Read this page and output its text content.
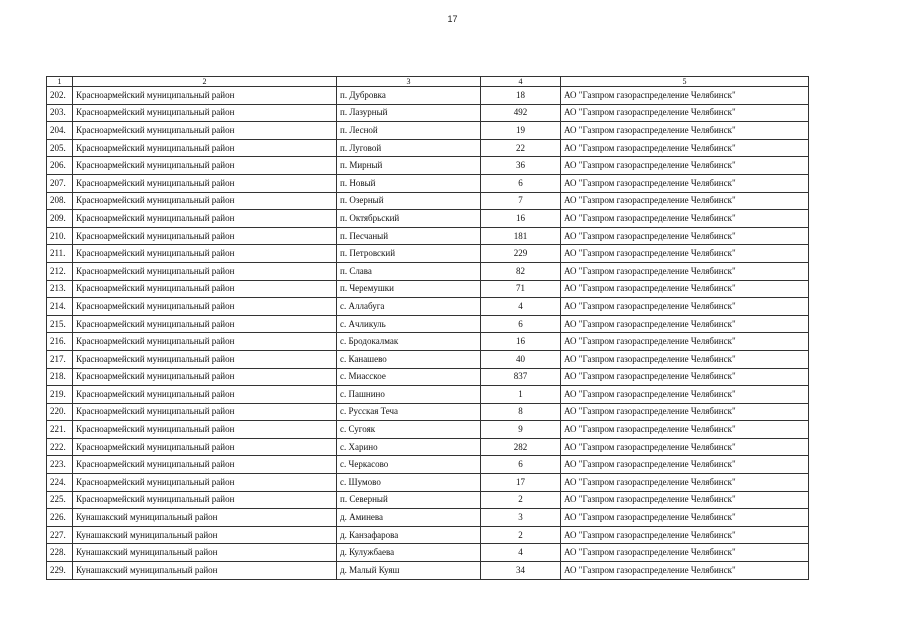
17
1	2	3	4	5
202.	Красноармейский муниципальный район	п. Дубровка	18	АО "Газпром газораспределение Челябинск"
203.	Красноармейский муниципальный район	п. Лазурный	492	АО "Газпром газораспределение Челябинск"
204.	Красноармейский муниципальный район	п. Лесной	19	АО "Газпром газораспределение Челябинск"
205.	Красноармейский муниципальный район	п. Луговой	22	АО "Газпром газораспределение Челябинск"
206.	Красноармейский муниципальный район	п. Мирный	36	АО "Газпром газораспределение Челябинск"
207.	Красноармейский муниципальный район	п. Новый	6	АО "Газпром газораспределение Челябинск"
208.	Красноармейский муниципальный район	п. Озерный	7	АО "Газпром газораспределение Челябинск"
209.	Красноармейский муниципальный район	п. Октябрьский	16	АО "Газпром газораспределение Челябинск"
210.	Красноармейский муниципальный район	п. Песчаный	181	АО "Газпром газораспределение Челябинск"
211.	Красноармейский муниципальный район	п. Петровский	229	АО "Газпром газораспределение Челябинск"
212.	Красноармейский муниципальный район	п. Слава	82	АО "Газпром газораспределение Челябинск"
213.	Красноармейский муниципальный район	п. Черемушки	71	АО "Газпром газораспределение Челябинск"
214.	Красноармейский муниципальный район	с. Аллабуга	4	АО "Газпром газораспределение Челябинск"
215.	Красноармейский муниципальный район	с. Ачликуль	6	АО "Газпром газораспределение Челябинск"
216.	Красноармейский муниципальный район	с. Бродокалмак	16	АО "Газпром газораспределение Челябинск"
217.	Красноармейский муниципальный район	с. Канашево	40	АО "Газпром газораспределение Челябинск"
218.	Красноармейский муниципальный район	с. Миасское	837	АО "Газпром газораспределение Челябинск"
219.	Красноармейский муниципальный район	с. Пашнино	1	АО "Газпром газораспределение Челябинск"
220.	Красноармейский муниципальный район	с. Русская Теча	8	АО "Газпром газораспределение Челябинск"
221.	Красноармейский муниципальный район	с. Сугояк	9	АО "Газпром газораспределение Челябинск"
222.	Красноармейский муниципальный район	с. Харино	282	АО "Газпром газораспределение Челябинск"
223.	Красноармейский муниципальный район	с. Черкасово	6	АО "Газпром газораспределение Челябинск"
224.	Красноармейский муниципальный район	с. Шумово	17	АО "Газпром газораспределение Челябинск"
225.	Красноармейский муниципальный район	п. Северный	2	АО "Газпром газораспределение Челябинск"
226.	Кунашакский муниципальный район	д. Аминева	3	АО "Газпром газораспределение Челябинск"
227.	Кунашакский муниципальный район	д. Канзафарова	2	АО "Газпром газораспределение Челябинск"
228.	Кунашакский муниципальный район	д. Кулужбаева	4	АО "Газпром газораспределение Челябинск"
229.	Кунашакский муниципальный район	д. Малый Куяш	34	АО "Газпром газораспределение Челябинск"
